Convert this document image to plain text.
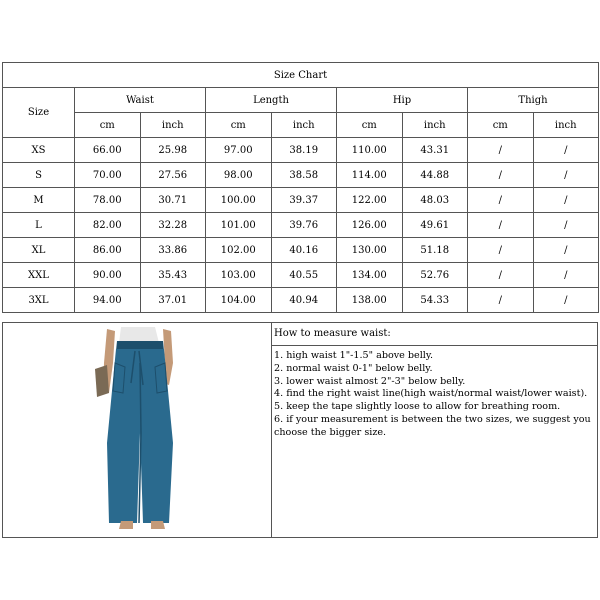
Size Chart								
Size	Waist		Length		Hip		Thigh	
	cm	inch	cm	inch	cm	inch	cm	inch
XS	66.00	25.98	97.00	38.19	110.00	43.31	/	/
S	70.00	27.56	98.00	38.58	114.00	44.88	/	/
M	78.00	30.71	100.00	39.37	122.00	48.03	/	/
L	82.00	32.28	101.00	39.76	126.00	49.61	/	/
XL	86.00	33.86	102.00	40.16	130.00	51.18	/	/
XXL	90.00	35.43	103.00	40.55	134.00	52.76	/	/
3XL	94.00	37.01	104.00	40.94	138.00	54.33	/	/
How to measure waist:
1. high waist 1"-1.5" above belly.
2. normal waist 0-1" below belly.
3. lower waist almost 2"-3" below belly.
4. find the right waist line(high waist/normal waist/lower waist).
5. keep the tape slightly loose to allow for breathing room.
6. if your measurement is between the two sizes, we suggest you choose the bigger size.
